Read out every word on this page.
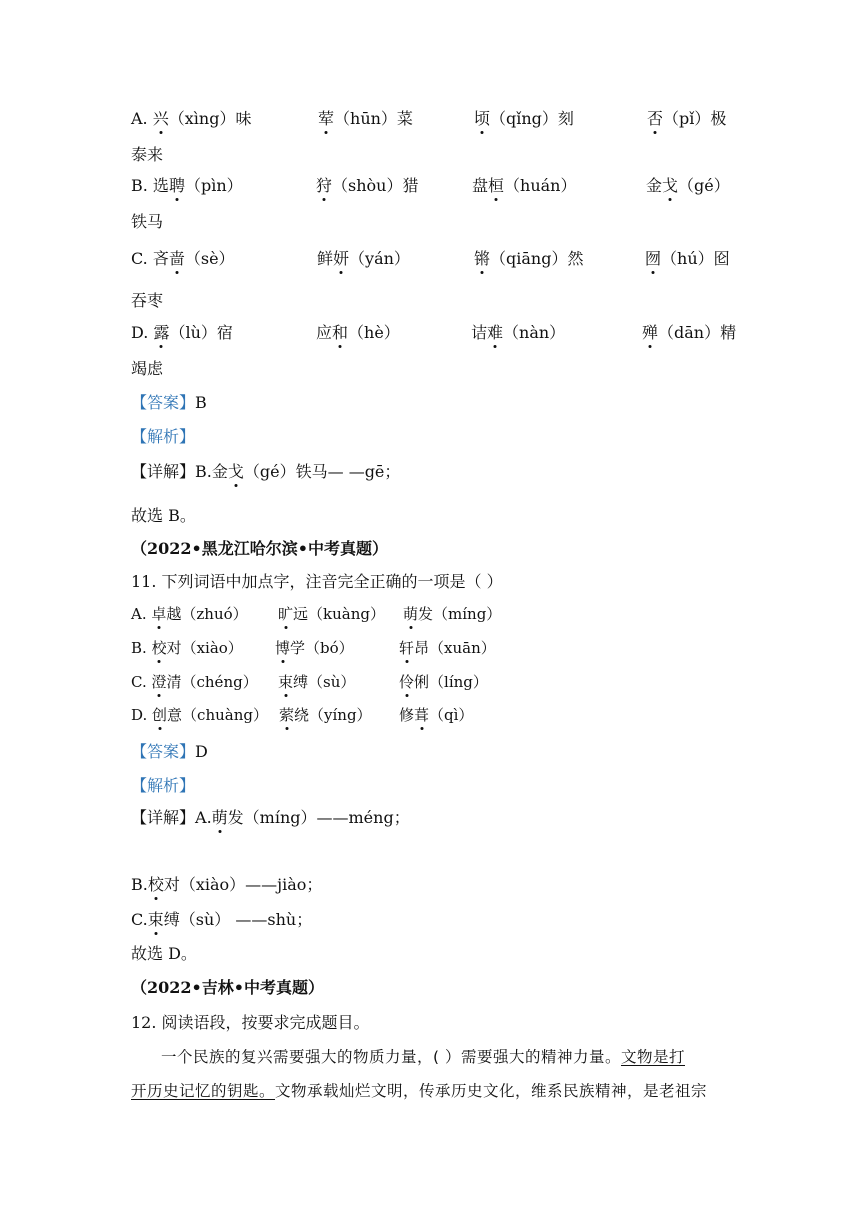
A. 兴（xìng）味	荤（hūn）菜	顷（qǐng）刻	否（pǐ）极
泰来
B. 选聘（pìn）	狩（shòu）猎	盘桓（huán）	金戈（gé）
铁马
C. 吝啬（sè）	鲜妍（yán）	锵（qiāng）然	囫（hú）囵
吞枣
D. 露（lù）宿	应和（hè）	诘难（nàn）	殚（dān）精
竭虑
【答案】B
【解析】
【详解】B.金戈（gé）铁马— —gē；
故选 B。
（2022•黑龙江哈尔滨•中考真题）
11. 下列词语中加点字，注音完全正确的一项是（ ）
A. 卓越（zhuó） 旷远（kuàng） 萌发（míng）
B. 校对（xiào） 博学（bó）	轩昂（xuān）
C. 澄清（chéng） 束缚（sù）	伶俐（líng）
D. 创意（chuàng） 萦绕（yíng） 修葺（qì）
【答案】D
【解析】
【详解】A.萌发（míng）——méng；
B.校对（xiào）——jiào；
C.束缚（sù） ——shù；
故选 D。
（2022•吉林•中考真题）
12. 阅读语段，按要求完成题目。
一个民族的复兴需要强大的物质力量，( ）需要强大的精神力量。文物是打
开历史记忆的钥匙。文物承载灿烂文明，传承历史文化，维系民族精神，是老祖宗
